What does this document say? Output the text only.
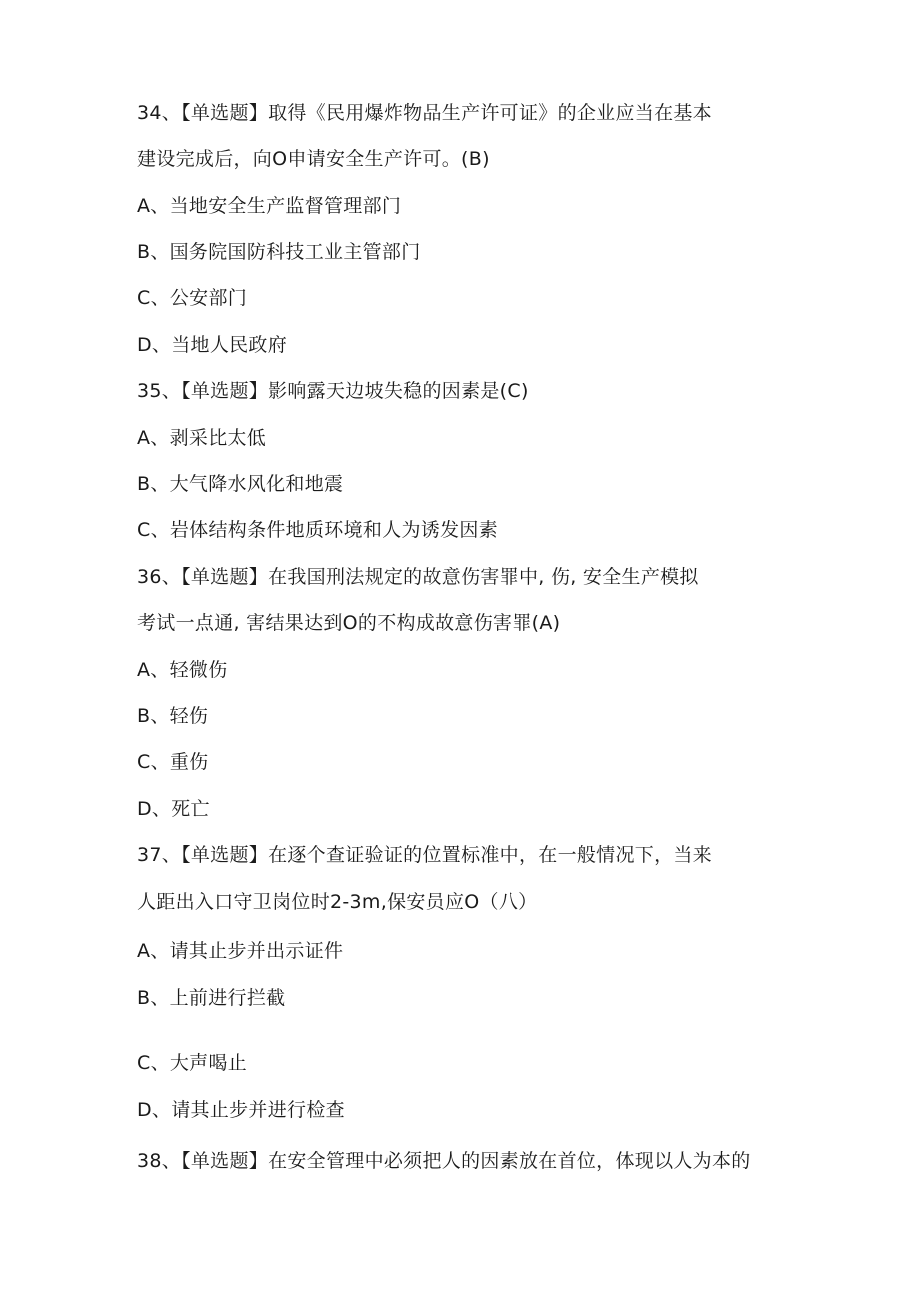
34、【单选题】取得《民用爆炸物品生产许可证》的企业应当在基本
建设完成后，向O申请安全生产许可。(B)
A、当地安全生产监督管理部门
B、国务院国防科技工业主管部门
C、公安部门
D、当地人民政府
35、【单选题】影响露天边坡失稳的因素是(C)
A、剥采比太低
B、大气降水风化和地震
C、岩体结构条件地质环境和人为诱发因素
36、【单选题】在我国刑法规定的故意伤害罪中, 伤, 安全生产模拟
考试一点通, 害结果达到O的不构成故意伤害罪(A)
A、轻微伤
B、轻伤
C、重伤
D、死亡
37、【单选题】在逐个查证验证的位置标准中，在一般情况下，当来
人距出入口守卫岗位时2-3m,保安员应O（八）
A、请其止步并出示证件
B、上前进行拦截
C、大声喝止
D、请其止步并进行检查
38、【单选题】在安全管理中必须把人的因素放在首位，体现以人为本的
